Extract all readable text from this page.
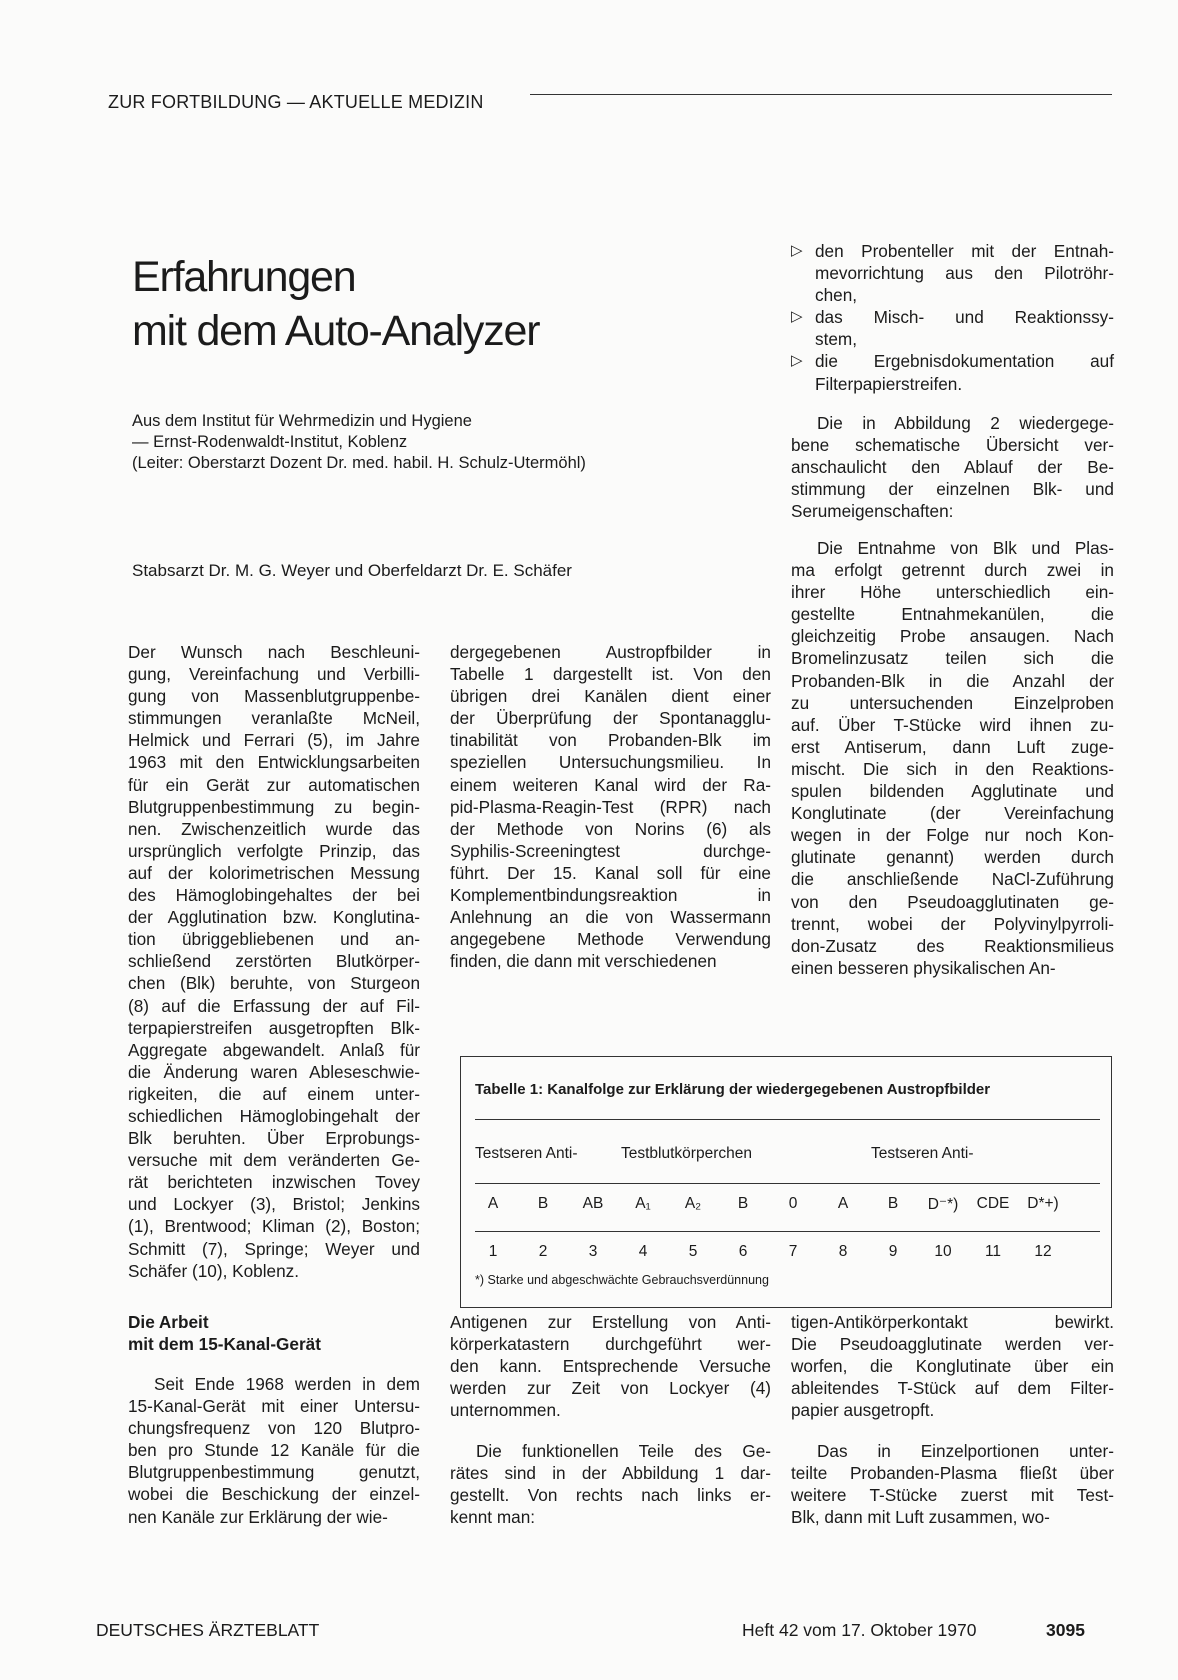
ZUR FORTBILDUNG — AKTUELLE MEDIZIN
Erfahrungen
mit dem Auto-Analyzer
Aus dem Institut für Wehrmedizin und Hygiene
— Ernst-Rodenwaldt-Institut, Koblenz
(Leiter: Oberstarzt Dozent Dr. med. habil. H. Schulz-Utermöhl)
Stabsarzt Dr. M. G. Weyer und Oberfeldarzt Dr. E. Schäfer
Der Wunsch nach Beschleuni-
gung, Vereinfachung und Verbilli-
gung von Massenblutgruppenbe-
stimmungen veranlaßte McNeil,
Helmick und Ferrari (5), im Jahre
1963 mit den Entwicklungsarbeiten
für ein Gerät zur automatischen
Blutgruppenbestimmung zu begin-
nen. Zwischenzeitlich wurde das
ursprünglich verfolgte Prinzip, das
auf der kolorimetrischen Messung
des Hämoglobingehaltes der bei
der Agglutination bzw. Konglutina-
tion übriggebliebenen und an-
schließend zerstörten Blutkörper-
chen (Blk) beruhte, von Sturgeon
(8) auf die Erfassung der auf Fil-
terpapierstreifen ausgetropften Blk-
Aggregate abgewandelt. Anlaß für
die Änderung waren Ableseschwie-
rigkeiten, die auf einem unter-
schiedlichen Hämoglobingehalt der
Blk beruhten. Über Erprobungs-
versuche mit dem veränderten Ge-
rät berichteten inzwischen Tovey
und Lockyer (3), Bristol; Jenkins
(1), Brentwood; Kliman (2), Boston;
Schmitt (7), Springe; Weyer und
Schäfer (10), Koblenz.
dergegebenen Austropfbilder in
Tabelle 1 dargestellt ist. Von den
übrigen drei Kanälen dient einer
der Überprüfung der Spontanagglu-
tinabilität von Probanden-Blk im
speziellen Untersuchungsmilieu. In
einem weiteren Kanal wird der Ra-
pid-Plasma-Reagin-Test (RPR) nach
der Methode von Norins (6) als
Syphilis-Screeningtest durchge-
führt. Der 15. Kanal soll für eine
Komplementbindungsreaktion in
Anlehnung an die von Wassermann
angegebene Methode Verwendung
finden, die dann mit verschiedenen
▷ den Probenteller mit der Entnah-
mevorrichtung aus den Pilotröhr-
chen,
▷ das Misch- und Reaktionssy-
stem,
▷ die Ergebnisdokumentation auf
Filterpapierstreifen.
Die in Abbildung 2 wiedergege-
bene schematische Übersicht ver-
anschaulicht den Ablauf der Be-
stimmung der einzelnen Blk- und
Serumeigenschaften:
Die Entnahme von Blk und Plas-
ma erfolgt getrennt durch zwei in
ihrer Höhe unterschiedlich ein-
gestellte Entnahmekanülen, die
gleichzeitig Probe ansaugen. Nach
Bromelinzusatz teilen sich die
Probanden-Blk in die Anzahl der
zu untersuchenden Einzelproben
auf. Über T-Stücke wird ihnen zu-
erst Antiserum, dann Luft zuge-
mischt. Die sich in den Reaktions-
spulen bildenden Agglutinate und
Konglutinate (der Vereinfachung
wegen in der Folge nur noch Kon-
glutinate genannt) werden durch
die anschließende NaCl-Zuführung
von den Pseudoagglutinaten ge-
trennt, wobei der Polyvinylpyrroli-
don-Zusatz des Reaktionsmilieus
einen besseren physikalischen An-
Tabelle 1: Kanalfolge zur Erklärung der wiedergegebenen Austropfbilder
Testseren Anti-	Testblutkörperchen	Testseren Anti-
*) Starke und abgeschwächte Gebrauchsverdünnung
A	B	AB	A₁	A₂	B	0	A	B	D⁻*)	CDE	D*+)
1	2	3	4	5	6	7	8	9	10	11	12
Die Arbeit
mit dem 15-Kanal-Gerät
Seit Ende 1968 werden in dem
15-Kanal-Gerät mit einer Untersu-
chungsfrequenz von 120 Blutpro-
ben pro Stunde 12 Kanäle für die
Blutgruppenbestimmung genutzt,
wobei die Beschickung der einzel-
nen Kanäle zur Erklärung der wie-
Antigenen zur Erstellung von Anti-
körperkatastern durchgeführt wer-
den kann. Entsprechende Versuche
werden zur Zeit von Lockyer (4)
unternommen.
Die funktionellen Teile des Ge-
rätes sind in der Abbildung 1 dar-
gestellt. Von rechts nach links er-
kennt man:
tigen-Antikörperkontakt bewirkt.
Die Pseudoagglutinate werden ver-
worfen, die Konglutinate über ein
ableitendes T-Stück auf dem Filter-
papier ausgetropft.
Das in Einzelportionen unter-
teilte Probanden-Plasma fließt über
weitere T-Stücke zuerst mit Test-
Blk, dann mit Luft zusammen, wo-
DEUTSCHES ÄRZTEBLATT	Heft 42 vom 17. Oktober 1970	3095
